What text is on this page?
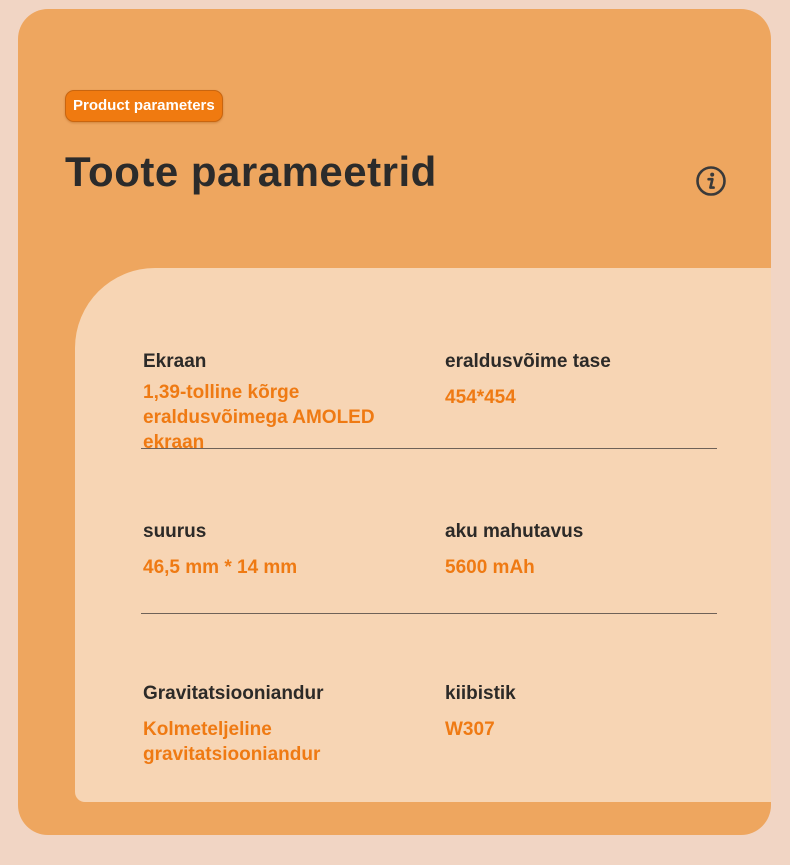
Product parameters
Toote parameetrid
Ekraan
1,39-tolline kõrge eraldusvõimega AMOLED ekraan
eraldusvõime tase
454*454
suurus
46,5 mm * 14 mm
aku mahutavus
5600 mAh
Gravitatsiooniandur
Kolmeteljeline gravitatsiooniandur
kiibistik
W307
